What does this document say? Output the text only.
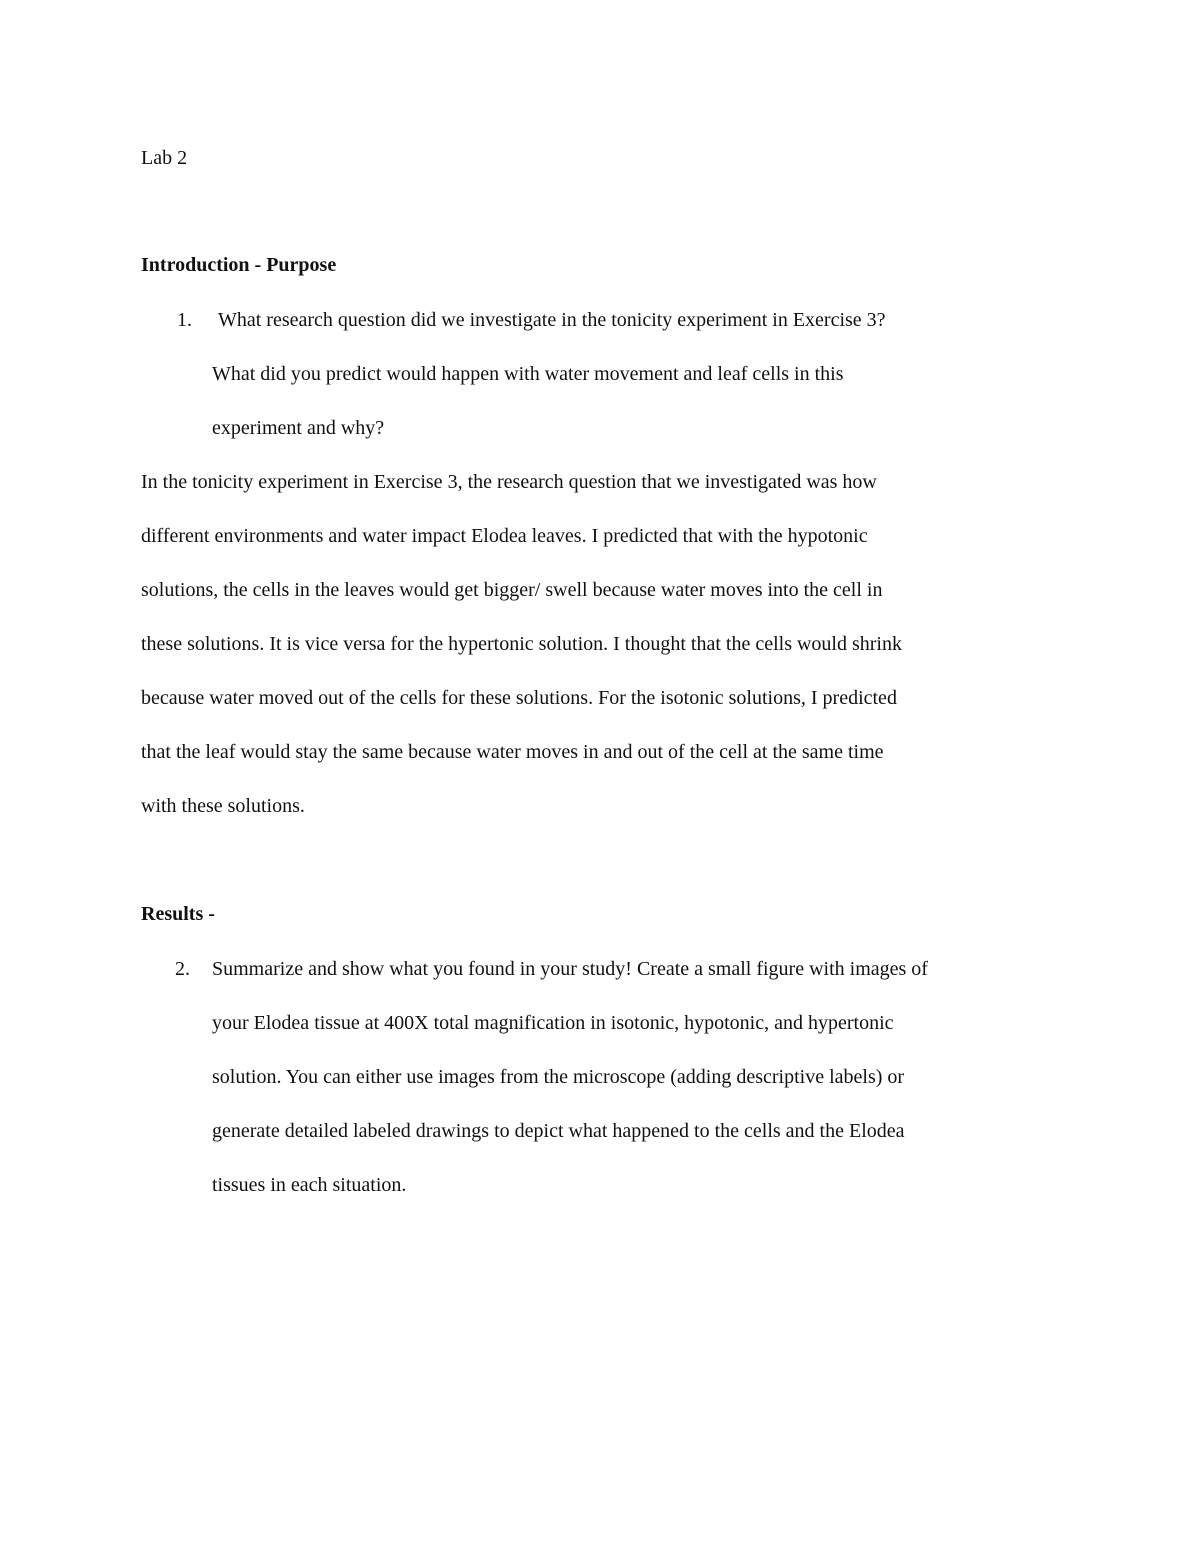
Lab 2
Introduction - Purpose
1. What research question did we investigate in the tonicity experiment in Exercise 3?
What did you predict would happen with water movement and leaf cells in this
experiment and why?
In the tonicity experiment in Exercise 3, the research question that we investigated was how
different environments and water impact Elodea leaves. I predicted that with the hypotonic
solutions, the cells in the leaves would get bigger/ swell because water moves into the cell in
these solutions. It is vice versa for the hypertonic solution. I thought that the cells would shrink
because water moved out of the cells for these solutions. For the isotonic solutions, I predicted
that the leaf would stay the same because water moves in and out of the cell at the same time
with these solutions.
Results -
2. Summarize and show what you found in your study! Create a small figure with images of
your Elodea tissue at 400X total magnification in isotonic, hypotonic, and hypertonic
solution. You can either use images from the microscope (adding descriptive labels) or
generate detailed labeled drawings to depict what happened to the cells and the Elodea
tissues in each situation.
